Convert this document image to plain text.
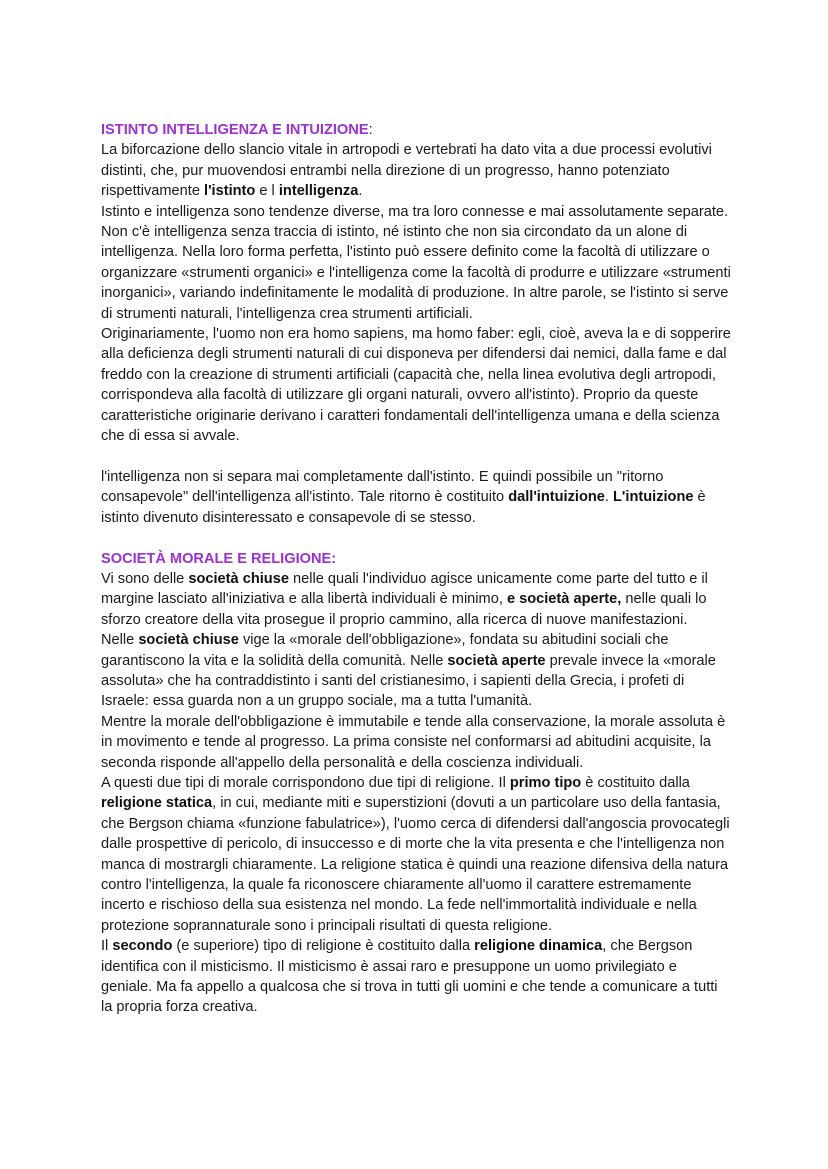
ISTINTO INTELLIGENZA E INTUIZIONE:

La biforcazione dello slancio vitale in artropodi e vertebrati ha dato vita a due processi evolutivi distinti, che, pur muovendosi entrambi nella direzione di un progresso, hanno potenziato rispettivamente l'istinto e l intelligenza.

Istinto e intelligenza sono tendenze diverse, ma tra loro connesse e mai assolutamente separate. Non c'è intelligenza senza traccia di istinto, né istinto che non sia circondato da un alone di intelligenza. Nella loro forma perfetta, l'istinto può essere definito come la facoltà di utilizzare o organizzare «strumenti organici» e l'intelligenza come la facoltà di produrre e utilizzare «strumenti inorganici», variando indefinitamente le modalità di produzione. In altre parole, se l'istinto si serve di strumenti naturali, l'intelligenza crea strumenti artificiali.

Originariamente, l'uomo non era homo sapiens, ma homo faber: egli, cioè, aveva la e di sopperire alla deficienza degli strumenti naturali di cui disponeva per difendersi dai nemici, dalla fame e dal freddo con la creazione di strumenti artificiali (capacità che, nella linea evolutiva degli artropodi, corrispondeva alla facoltà di utilizzare gli organi naturali, ovvero all'istinto). Proprio da queste caratteristiche originarie derivano i caratteri fondamentali dell'intelligenza umana e della scienza che di essa si avvale.

l'intelligenza non si separa mai completamente dall'istinto. E quindi possibile un "ritorno consapevole" dell'intelligenza all'istinto. Tale ritorno è costituito dall'intuizione. L'intuizione è istinto divenuto disinteressato e consapevole di se stesso.

SOCIETÀ MORALE E RELIGIONE:

Vi sono delle società chiuse nelle quali l'individuo agisce unicamente come parte del tutto e il margine lasciato all'iniziativa e alla libertà individuali è minimo, e società aperte, nelle quali lo sforzo creatore della vita prosegue il proprio cammino, alla ricerca di nuove manifestazioni.

Nelle società chiuse vige la «morale dell'obbligazione», fondata su abitudini sociali che garantiscono la vita e la solidità della comunità. Nelle società aperte prevale invece la «morale assoluta» che ha contraddistinto i santi del cristianesimo, i sapienti della Grecia, i profeti di Israele: essa guarda non a un gruppo sociale, ma a tutta l'umanità.

Mentre la morale dell'obbligazione è immutabile e tende alla conservazione, la morale assoluta è in movimento e tende al progresso. La prima consiste nel conformarsi ad abitudini acquisite, la seconda risponde all'appello della personalità e della coscienza individuali.

A questi due tipi di morale corrispondono due tipi di religione. Il primo tipo è costituito dalla religione statica, in cui, mediante miti e superstizioni (dovuti a un particolare uso della fantasia, che Bergson chiama «funzione fabulatrice»), l'uomo cerca di difendersi dall'angoscia provocategli dalle prospettive di pericolo, di insuccesso e di morte che la vita presenta e che l'intelligenza non manca di mostrargli chiaramente. La religione statica è quindi una reazione difensiva della natura contro l'intelligenza, la quale fa riconoscere chiaramente all'uomo il carattere estremamente incerto e rischioso della sua esistenza nel mondo. La fede nell'immortalità individuale e nella protezione soprannaturale sono i principali risultati di questa religione.

Il secondo (e superiore) tipo di religione è costituito dalla religione dinamica, che Bergson identifica con il misticismo. Il misticismo è assai raro e presuppone un uomo privilegiato e geniale. Ma fa appello a qualcosa che si trova in tutti gli uomini e che tende a comunicare a tutti la propria forza creativa.
